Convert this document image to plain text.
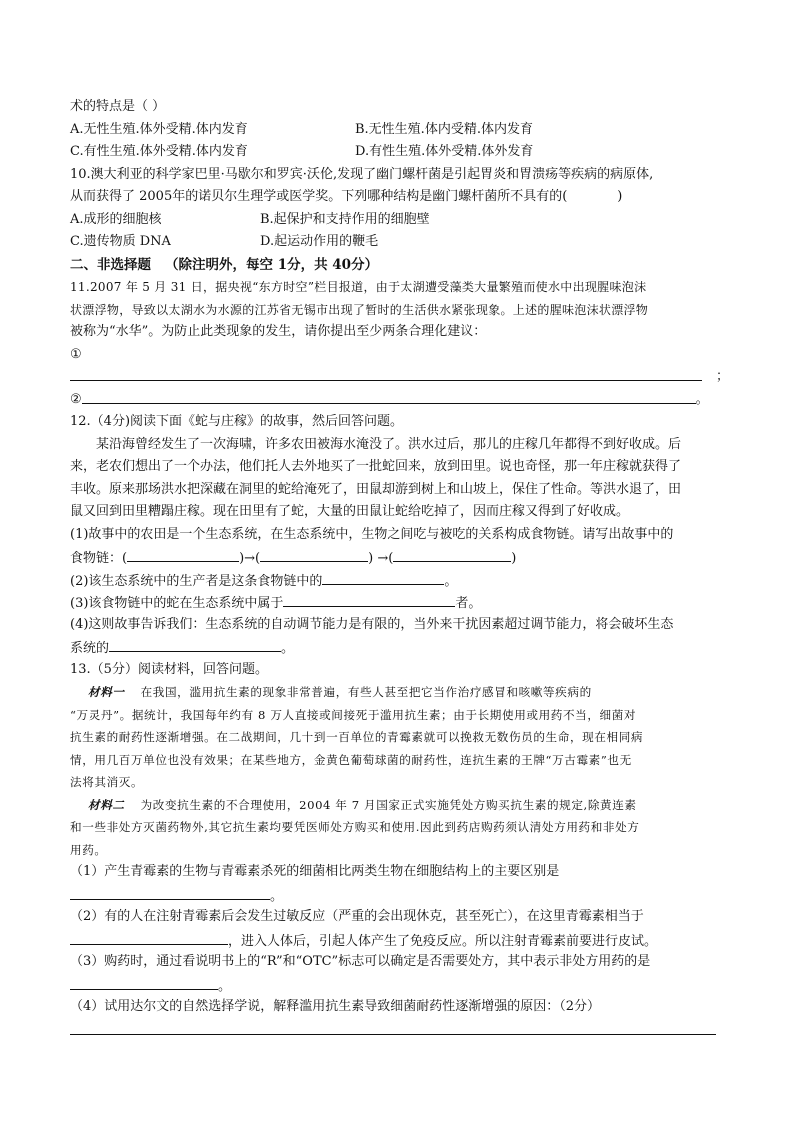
术的特点是（ ）
A.无性生殖.体外受精.体内发育	B.无性生殖.体内受精.体内发育
C.有性生殖.体外受精.体内发育	D.有性生殖.体外受精.体外发育
10.澳大利亚的科学家巴里·马歇尔和罗宾·沃伦,发现了幽门螺杆菌是引起胃炎和胃溃疡等疾病的病原体,
从而获得了 2005年的诺贝尔生理学或医学奖。下列哪种结构是幽门螺杆菌所不具有的(	)
A.成形的细胞核	B.起保护和支持作用的细胞壁
C.遗传物质 DNA	D.起运动作用的鞭毛
二、非选择题 （除注明外，每空 1分，共 40分）
11.2007 年 5 月 31 日，据央视“东方时空”栏目报道，由于太湖遭受藻类大量繁殖而使水中出现腥味泡沫
状漂浮物，导致以太湖水为水源的江苏省无锡市出现了暂时的生活供水紧张现象。上述的腥味泡沫状漂浮物
被称为“水华”。为防止此类现象的发生，请你提出至少两条合理化建议：
①
；
②	。
12.（4分)阅读下面《蛇与庄稼》的故事，然后回答问题。
某沿海曾经发生了一次海啸，许多农田被海水淹没了。洪水过后，那儿的庄稼几年都得不到好收成。后
来，老农们想出了一个办法，他们托人去外地买了一批蛇回来，放到田里。说也奇怪，那一年庄稼就获得了
丰收。原来那场洪水把深藏在洞里的蛇给淹死了，田鼠却游到树上和山坡上，保住了性命。等洪水退了，田
鼠又回到田里糟蹋庄稼。现在田里有了蛇，大量的田鼠让蛇给吃掉了，因而庄稼又得到了好收成。
(1)故事中的农田是一个生态系统，在生态系统中，生物之间吃与被吃的关系构成食物链。请写出故事中的
食物链：(	)→(	) →(	)
(2)该生态系统中的生产者是这条食物链中的	。
(3)该食物链中的蛇在生态系统中属于	者。
(4)这则故事告诉我们：生态系统的自动调节能力是有限的，当外来干扰因素超过调节能力，将会破坏生态
系统的	。
13.（5分）阅读材料，回答问题。
材料一 在我国，滥用抗生素的现象非常普遍，有些人甚至把它当作治疗感冒和咳嗽等疾病的
“万灵丹”。据统计，我国每年约有 8 万人直接或间接死于滥用抗生素；由于长期使用或用药不当，细菌对
抗生素的耐药性逐渐增强。在二战期间，几十到一百单位的青霉素就可以挽救无数伤员的生命，现在相同病
情，用几百万单位也没有效果；在某些地方，金黄色葡萄球菌的耐药性，连抗生素的王牌“万古霉素”也无
法将其消灭。
材料二 为改变抗生素的不合理使用，2004 年 7 月国家正式实施凭处方购买抗生素的规定,除黄连素
和一些非处方灭菌药物外,其它抗生素均要凭医师处方购买和使用.因此到药店购药须认清处方用药和非处方
用药。
（1）产生青霉素的生物与青霉素杀死的细菌相比两类生物在细胞结构上的主要区别是
。
（2）有的人在注射青霉素后会发生过敏反应（严重的会出现休克，甚至死亡），在这里青霉素相当于
，进入人体后，引起人体产生了免疫反应。所以注射青霉素前要进行皮试。
（3）购药时，通过看说明书上的“R”和“OTC”标志可以确定是否需要处方，其中表示非处方用药的是
。
（4）试用达尔文的自然选择学说，解释滥用抗生素导致细菌耐药性逐渐增强的原因：（2分）
